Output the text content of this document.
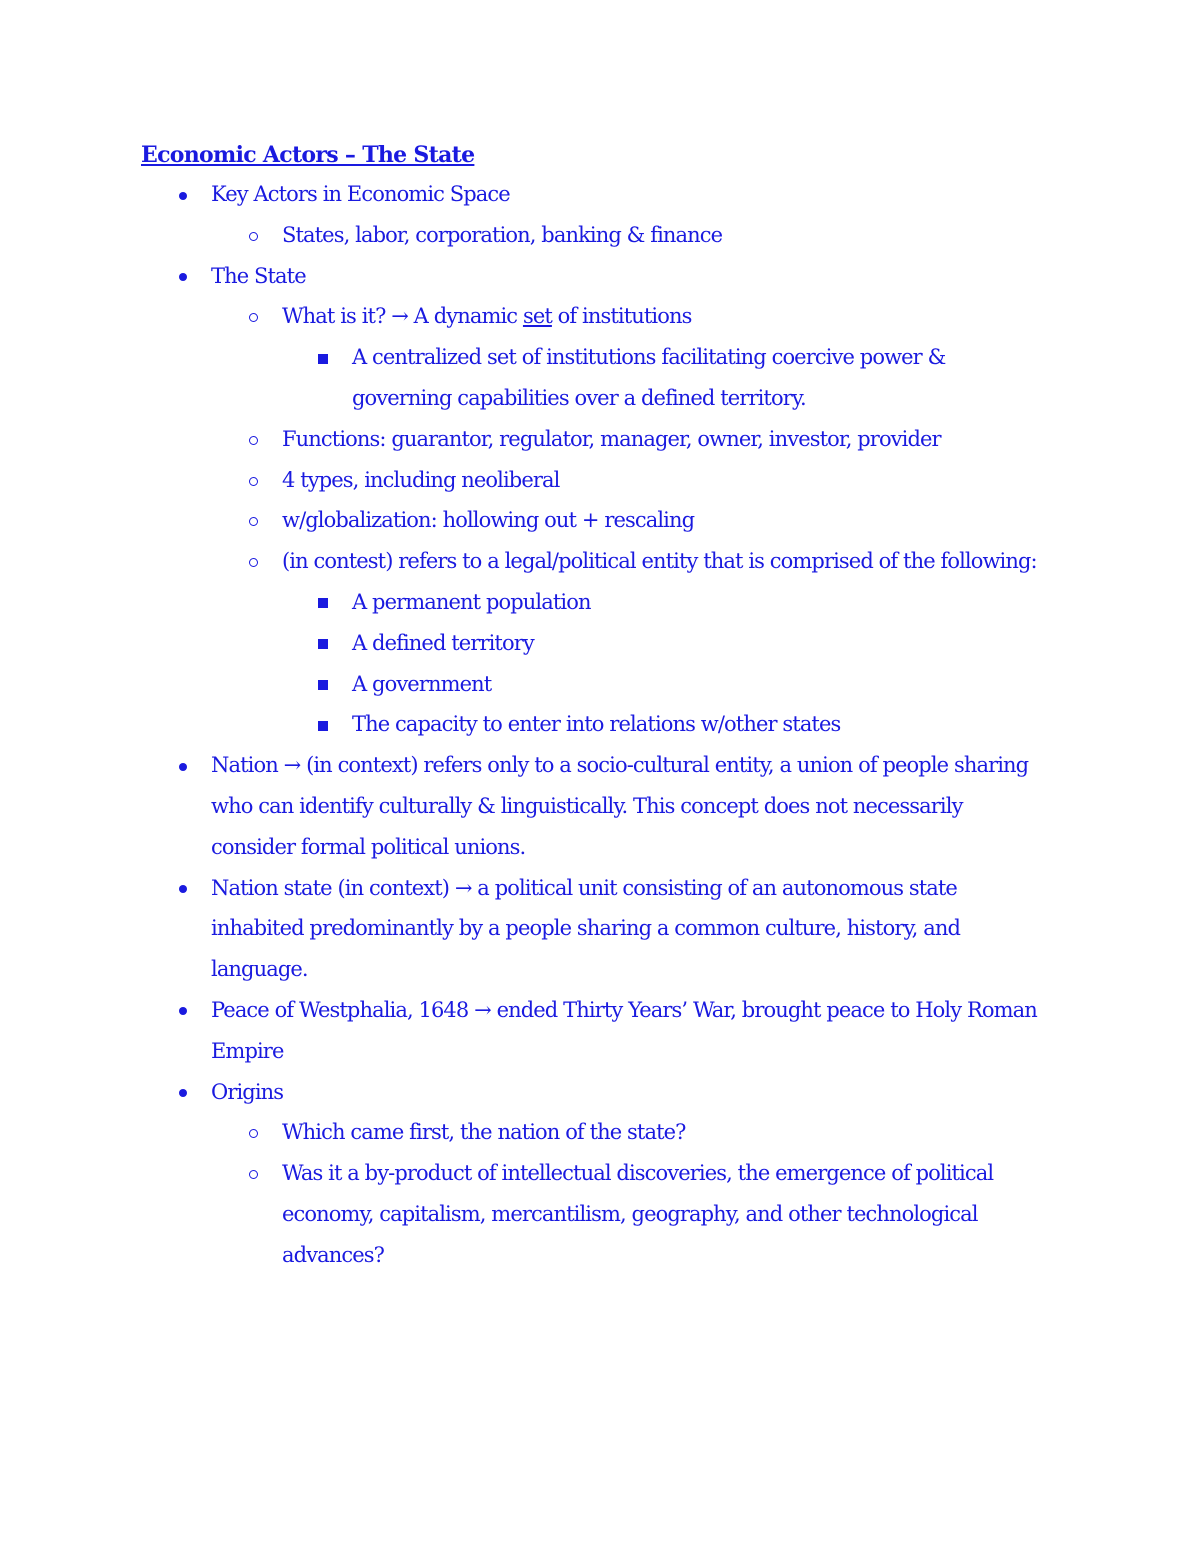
Economic Actors – The State
Key Actors in Economic Space
States, labor, corporation, banking & finance
The State
What is it? → A dynamic set of institutions
A centralized set of institutions facilitating coercive power & governing capabilities over a defined territory.
Functions: guarantor, regulator, manager, owner, investor, provider
4 types, including neoliberal
w/globalization: hollowing out + rescaling
(in contest) refers to a legal/political entity that is comprised of the following:
A permanent population
A defined territory
A government
The capacity to enter into relations w/other states
Nation → (in context) refers only to a socio-cultural entity, a union of people sharing who can identify culturally & linguistically. This concept does not necessarily consider formal political unions.
Nation state (in context) → a political unit consisting of an autonomous state inhabited predominantly by a people sharing a common culture, history, and language.
Peace of Westphalia, 1648 → ended Thirty Years’ War, brought peace to Holy Roman Empire
Origins
Which came first, the nation of the state?
Was it a by-product of intellectual discoveries, the emergence of political economy, capitalism, mercantilism, geography, and other technological advances?
